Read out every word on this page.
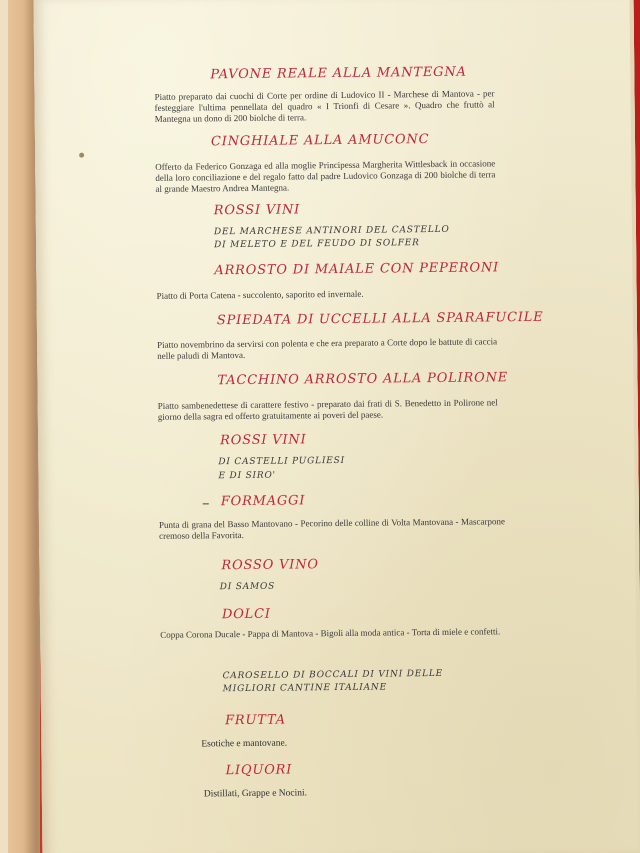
PAVONE REALE ALLA MANTEGNA
Piatto preparato dai cuochi di Corte per ordine di Ludovico II - Marchese di Mantova - per festeggiare l'ultima pennellata del quadro « I Trionfi di Cesare ». Quadro che fruttò al Mantegna un dono di 200 biolche di terra.
CINGHIALE ALLA AMUCONC
Offerto da Federico Gonzaga ed alla moglie Principessa Margherita Wittlesback in occasione della loro conciliazione e del regalo fatto dal padre Ludovico Gonzaga di 200 biolche di terra al grande Maestro Andrea Mantegna.
ROSSI VINI
DEL MARCHESE ANTINORI DEL CASTELLO
DI MELETO E DEL FEUDO DI SOLFER
ARROSTO DI MAIALE CON PEPERONI
Piatto di Porta Catena - succolento, saporito ed invernale.
SPIEDATA DI UCCELLI ALLA SPARAFUCILE
Piatto novembrino da servirsi con polenta e che era preparato a Corte dopo le battute di caccia nelle paludi di Mantova.
TACCHINO ARROSTO ALLA POLIRONE
Piatto sambenedettese di carattere festivo - preparato dai frati di S. Benedetto in Polirone nel giorno della sagra ed offerto gratuitamente ai poveri del paese.
ROSSI VINI
DI CASTELLI PUGLIESI
E DI SIRO'
FORMAGGI
Punta di grana del Basso Mantovano - Pecorino delle colline di Volta Mantovana - Mascarpone cremoso della Favorita.
ROSSO VINO
DI SAMOS
DOLCI
Coppa Corona Ducale - Pappa di Mantova - Bigoli alla moda antica - Torta di miele e confetti.
CAROSELLO DI BOCCALI DI VINI DELLE
MIGLIORI CANTINE ITALIANE
FRUTTA
Esotiche e mantovane.
LIQUORI
Distillati, Grappe e Nocini.
